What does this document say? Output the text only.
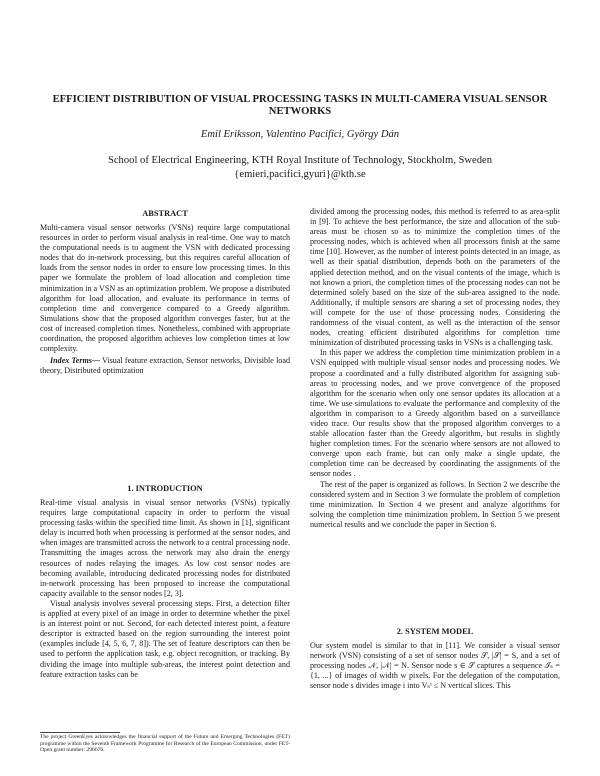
EFFICIENT DISTRIBUTION OF VISUAL PROCESSING TASKS IN MULTI-CAMERA VISUAL SENSOR NETWORKS
Emil Eriksson, Valentino Pacifici, György Dán
School of Electrical Engineering, KTH Royal Institute of Technology, Stockholm, Sweden
{emieri,pacifici,gyuri}@kth.se
ABSTRACT

Multi-camera visual sensor networks (VSNs) require large computational resources in order to perform visual analysis in real-time. One way to match the computational needs is to augment the VSN with dedicated processing nodes that do in-network processing, but this requires careful allocation of loads from the sensor nodes in order to ensure low processing times. In this paper we formulate the problem of load allocation and completion time minimization in a VSN as an optimization problem. We propose a distributed algorithm for load allocation, and evaluate its performance in terms of completion time and convergence compared to a Greedy algorithm. Simulations show that the proposed algorithm converges faster, but at the cost of increased completion times. Nonetheless, combined with appropriate coordination, the proposed algorithm achieves low completion times at low complexity.

Index Terms— Visual feature extraction, Sensor networks, Divisible load theory, Distributed optimization

1. INTRODUCTION

Real-time visual analysis in visual sensor networks (VSNs) typically requires large computational capacity in order to perform the visual processing tasks within the specified time limit. As shown in [1], significant delay is incurred both when processing is performed at the sensor nodes, and when images are transmitted across the network to a central processing node. Transmitting the images across the network may also drain the energy resources of nodes relaying the images. As low cost sensor nodes are becoming available, introducing dedicated processing nodes for distributed in-network processing has been proposed to increase the computational capacity available to the sensor nodes [2, 3].

Visual analysis involves several processing steps. First, a detection filter is applied at every pixel of an image in order to determine whether the pixel is an interest point or not. Second, for each detected interest point, a feature descriptor is extracted based on the region surrounding the interest point (examples include [4, 5, 6, 7, 8]). The set of feature descriptors can then be used to perform the application task, e.g. object recognition, or tracking. By dividing the image into multiple sub-areas, the interest point detection and feature extraction tasks can be

The project GreenEyes acknowledges the financial support of the Future and Emerging Technologies (FET) programme within the Seventh Framework Programme for Research of the European Commission, under FET-Open grant number: 296676.

divided among the processing nodes, this method is referred to as area-split in [9]. To achieve the best performance, the size and allocation of the sub-areas must be chosen so as to minimize the completion times of the processing nodes, which is achieved when all processors finish at the same time [10]. However, as the number of interest points detected in an image, as well as their spatial distribution, depends both on the parameters of the applied detection method, and on the visual contents of the image, which is not known a priori, the completion times of the processing nodes can not be determined solely based on the size of the sub-area assigned to the node. Additionally, if multiple sensors are sharing a set of processing nodes, they will compete for the use of those processing nodes. Considering the randomness of the visual content, as well as the interaction of the sensor nodes, creating efficient distributed algorithms for completion time minimization of distributed processing tasks in VSNs is a challenging task.

In this paper we address the completion time minimization problem in a VSN equipped with multiple visual sensor nodes and processing nodes. We propose a coordinated and a fully distributed algorithm for assigning sub-areas to processing nodes, and we prove convergence of the proposed algorithm for the scenario when only one sensor updates its allocation at a time. We use simulations to evaluate the performance and complexity of the algorithm in comparison to a Greedy algorithm based on a surveillance video trace. Our results show that the proposed algorithm converges to a stable allocation faster than the Greedy algorithm, but results in slightly higher completion times. For the scenario where sensors are not allowed to converge upon each frame, but can only make a single update, the completion time can be decreased by coordinating the assignments of the sensor nodes .

The rest of the paper is organized as follows. In Section 2 we describe the considered system and in Section 3 we formulate the problem of completion time minimization. In Section 4 we present and analyze algorithms for solving the completion time minimization problem. In Section 5 we present numerical results and we conclude the paper in Section 6.

2. SYSTEM MODEL

Our system model is similar to that in [11]. We consider a visual sensor network (VSN) consisting of a set of sensor nodes 𝒮, |𝒮| = S, and a set of processing nodes 𝒩, |𝒩| = N. Sensor node s ∈ 𝒮 captures a sequence ℐₛ = {1, ...} of images of width w pixels. For the delegation of the computation, sensor node s divides image i into Vₛⁱ ≤ N vertical slices. This
